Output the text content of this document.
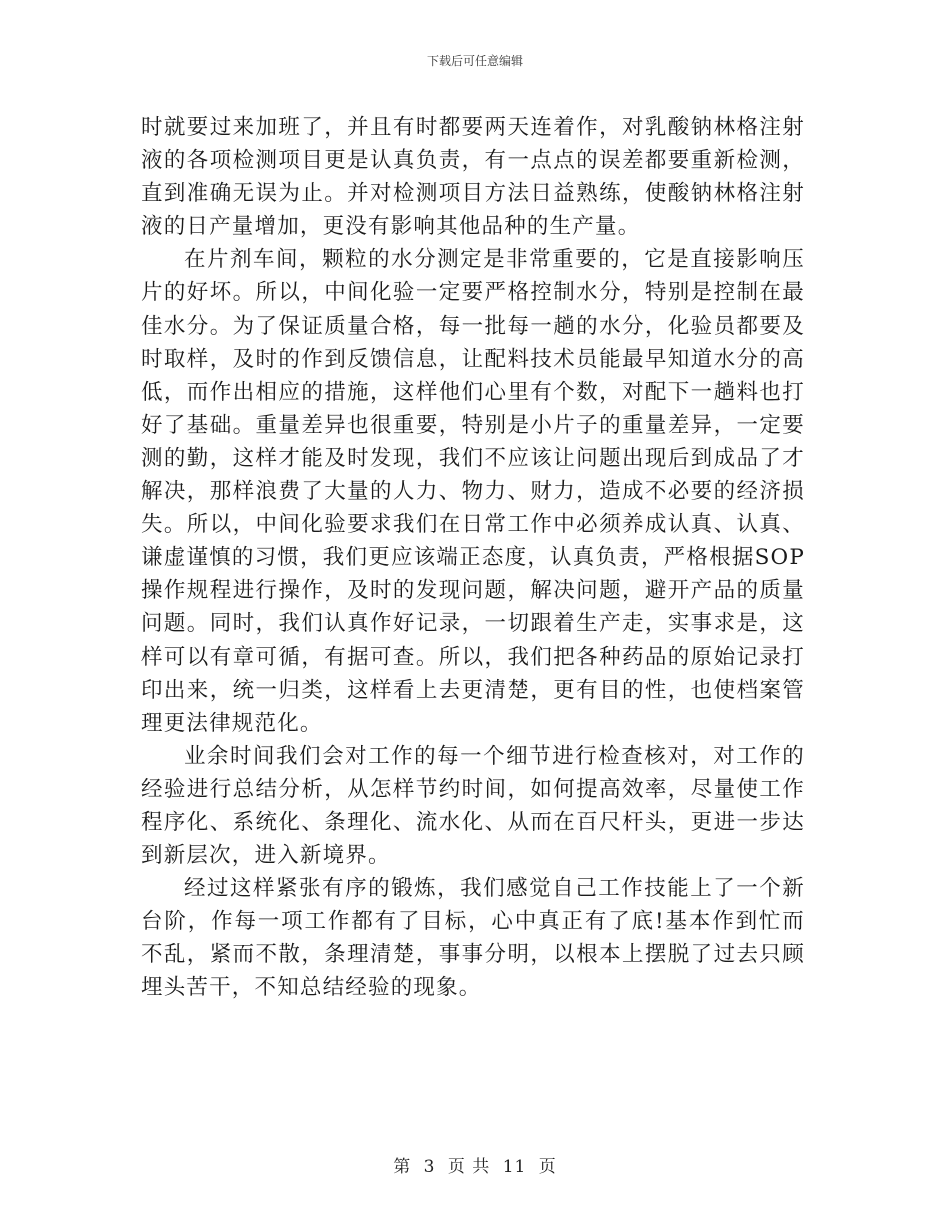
下载后可任意编辑

时就要过来加班了，并且有时都要两天连着作，对乳酸钠林格注射液的各项检测项目更是认真负责，有一点点的误差都要重新检测，直到准确无误为止。并对检测项目方法日益熟练，使酸钠林格注射液的日产量增加，更没有影响其他品种的生产量。

在片剂车间，颗粒的水分测定是非常重要的，它是直接影响压片的好坏。所以，中间化验一定要严格控制水分，特别是控制在最佳水分。为了保证质量合格，每一批每一趟的水分，化验员都要及时取样，及时的作到反馈信息，让配料技术员能最早知道水分的高低，而作出相应的措施，这样他们心里有个数，对配下一趟料也打好了基础。重量差异也很重要，特别是小片子的重量差异，一定要测的勤，这样才能及时发现，我们不应该让问题出现后到成品了才解决，那样浪费了大量的人力、物力、财力，造成不必要的经济损失。所以，中间化验要求我们在日常工作中必须养成认真、认真、谦虚谨慎的习惯，我们更应该端正态度，认真负责，严格根据SOP操作规程进行操作，及时的发现问题，解决问题，避开产品的质量问题。同时，我们认真作好记录，一切跟着生产走，实事求是，这样可以有章可循，有据可查。所以，我们把各种药品的原始记录打印出来，统一归类，这样看上去更清楚，更有目的性，也使档案管理更法律规范化。

业余时间我们会对工作的每一个细节进行检查核对，对工作的经验进行总结分析，从怎样节约时间，如何提高效率，尽量使工作程序化、系统化、条理化、流水化、从而在百尺杆头，更进一步达到新层次，进入新境界。

经过这样紧张有序的锻炼，我们感觉自己工作技能上了一个新台阶，作每一项工作都有了目标，心中真正有了底!基本作到忙而不乱，紧而不散，条理清楚，事事分明，以根本上摆脱了过去只顾埋头苦干，不知总结经验的现象。

第 3 页 共 11 页
